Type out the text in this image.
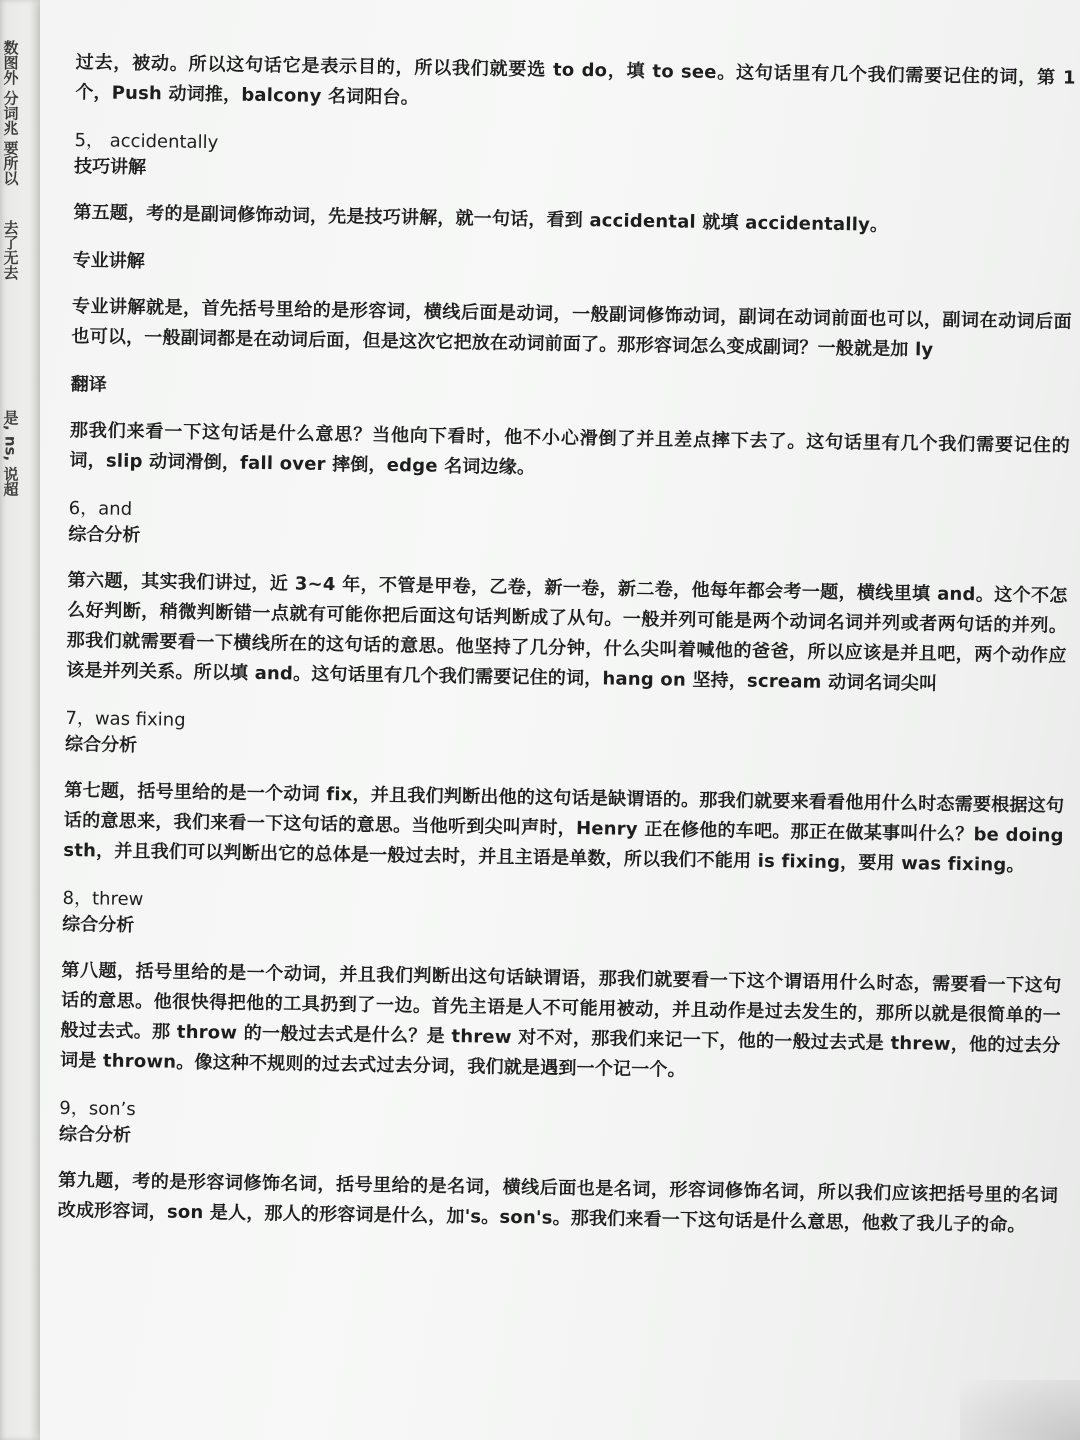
数图外 分词兆 要所以
去了无去
是, ns, 说超

过去，被动。所以这句话它是表示目的，所以我们就要选 to do，填 to see。这句话里有几个我们需要记住的词，第 1 个，Push 动词推，balcony 名词阳台。

5， accidentally
技巧讲解

第五题，考的是副词修饰动词，先是技巧讲解，就一句话，看到 accidental 就填 accidentally。

专业讲解

专业讲解就是，首先括号里给的是形容词，横线后面是动词，一般副词修饰动词，副词在动词前面也可以，副词在动词后面也可以，一般副词都是在动词后面，但是这次它把放在动词前面了。那形容词怎么变成副词？一般就是加 ly

翻译

那我们来看一下这句话是什么意思？当他向下看时，他不小心滑倒了并且差点摔下去了。这句话里有几个我们需要记住的词，slip 动词滑倒，fall over 摔倒，edge 名词边缘。

6，and
综合分析

第六题，其实我们讲过，近 3~4 年，不管是甲卷，乙卷，新一卷，新二卷，他每年都会考一题，横线里填 and。这个不怎么好判断，稍微判断错一点就有可能你把后面这句话判断成了从句。一般并列可能是两个动词名词并列或者两句话的并列。那我们就需要看一下横线所在的这句话的意思。他坚持了几分钟，什么尖叫着喊他的爸爸，所以应该是并且吧，两个动作应该是并列关系。所以填 and。这句话里有几个我们需要记住的词，hang on 坚持，scream 动词名词尖叫

7，was fixing
综合分析

第七题，括号里给的是一个动词 fix，并且我们判断出他的这句话是缺谓语的。那我们就要来看看他用什么时态需要根据这句话的意思来，我们来看一下这句话的意思。当他听到尖叫声时，Henry 正在修他的车吧。那正在做某事叫什么？be doing sth，并且我们可以判断出它的总体是一般过去时，并且主语是单数，所以我们不能用 is fixing，要用 was fixing。

8，threw
综合分析

第八题，括号里给的是一个动词，并且我们判断出这句话缺谓语，那我们就要看一下这个谓语用什么时态，需要看一下这句话的意思。他很快得把他的工具扔到了一边。首先主语是人不可能用被动，并且动作是过去发生的，那所以就是很简单的一般过去式。那 throw 的一般过去式是什么？是 threw 对不对，那我们来记一下，他的一般过去式是 threw，他的过去分词是 thrown。像这种不规则的过去式过去分词，我们就是遇到一个记一个。

9，son’s
综合分析

第九题，考的是形容词修饰名词，括号里给的是名词，横线后面也是名词，形容词修饰名词，所以我们应该把括号里的名词改成形容词，son 是人，那人的形容词是什么，加's。son's。那我们来看一下这句话是什么意思，他救了我儿子的命。
